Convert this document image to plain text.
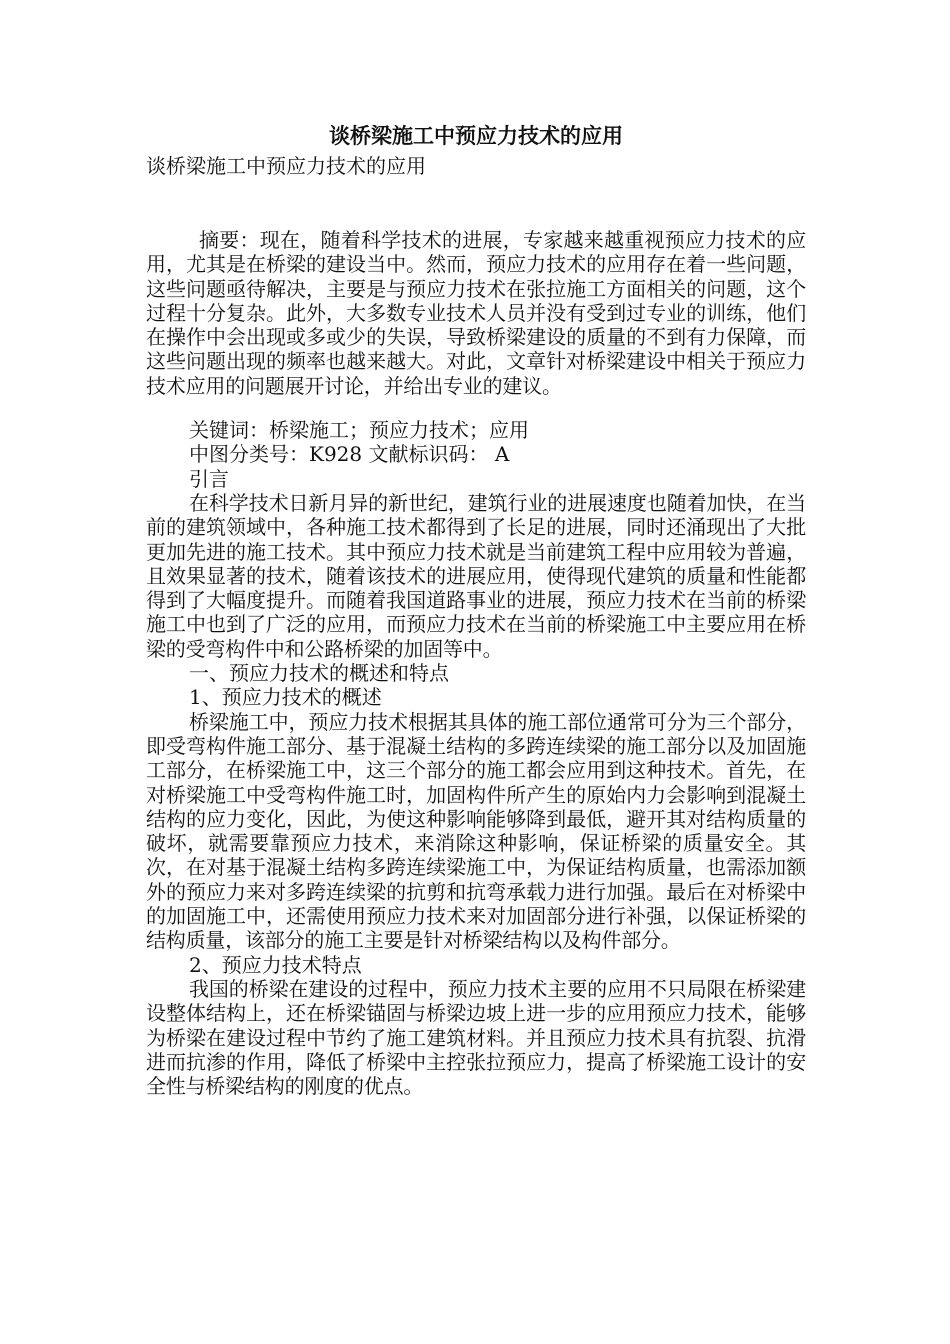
谈桥梁施工中预应力技术的应用

谈桥梁施工中预应力技术的应用

摘要：现在，随着科学技术的进展，专家越来越重视预应力技术的应用，尤其是在桥梁的建设当中。然而，预应力技术的应用存在着一些问题，这些问题亟待解决，主要是与预应力技术在张拉施工方面相关的问题，这个过程十分复杂。此外，大多数专业技术人员并没有受到过专业的训练，他们在操作中会出现或多或少的失误，导致桥梁建设的质量的不到有力保障，而这些问题出现的频率也越来越大。对此，文章针对桥梁建设中相关于预应力技术应用的问题展开讨论，并给出专业的建议。

关键词：桥梁施工；预应力技术；应用

中图分类号：K928 文献标识码： A

引言

在科学技术日新月异的新世纪，建筑行业的进展速度也随着加快，在当前的建筑领域中，各种施工技术都得到了长足的进展，同时还涌现出了大批更加先进的施工技术。其中预应力技术就是当前建筑工程中应用较为普遍，且效果显著的技术，随着该技术的进展应用，使得现代建筑的质量和性能都得到了大幅度提升。而随着我国道路事业的进展，预应力技术在当前的桥梁施工中也到了广泛的应用，而预应力技术在当前的桥梁施工中主要应用在桥梁的受弯构件中和公路桥梁的加固等中。

一、预应力技术的概述和特点

1、预应力技术的概述

桥梁施工中，预应力技术根据其具体的施工部位通常可分为三个部分，即受弯构件施工部分、基于混凝土结构的多跨连续梁的施工部分以及加固施工部分，在桥梁施工中，这三个部分的施工都会应用到这种技术。首先，在对桥梁施工中受弯构件施工时，加固构件所产生的原始内力会影响到混凝土结构的应力变化，因此，为使这种影响能够降到最低，避开其对结构质量的破坏，就需要靠预应力技术，来消除这种影响，保证桥梁的质量安全。其次，在对基于混凝土结构多跨连续梁施工中，为保证结构质量，也需添加额外的预应力来对多跨连续梁的抗剪和抗弯承载力进行加强。最后在对桥梁中的加固施工中，还需使用预应力技术来对加固部分进行补强，以保证桥梁的结构质量，该部分的施工主要是针对桥梁结构以及构件部分。

2、预应力技术特点

我国的桥梁在建设的过程中，预应力技术主要的应用不只局限在桥梁建设整体结构上，还在桥梁锚固与桥梁边坡上进一步的应用预应力技术，能够为桥梁在建设过程中节约了施工建筑材料。并且预应力技术具有抗裂、抗滑进而抗渗的作用，降低了桥梁中主控张拉预应力，提高了桥梁施工设计的安全性与桥梁结构的刚度的优点。
